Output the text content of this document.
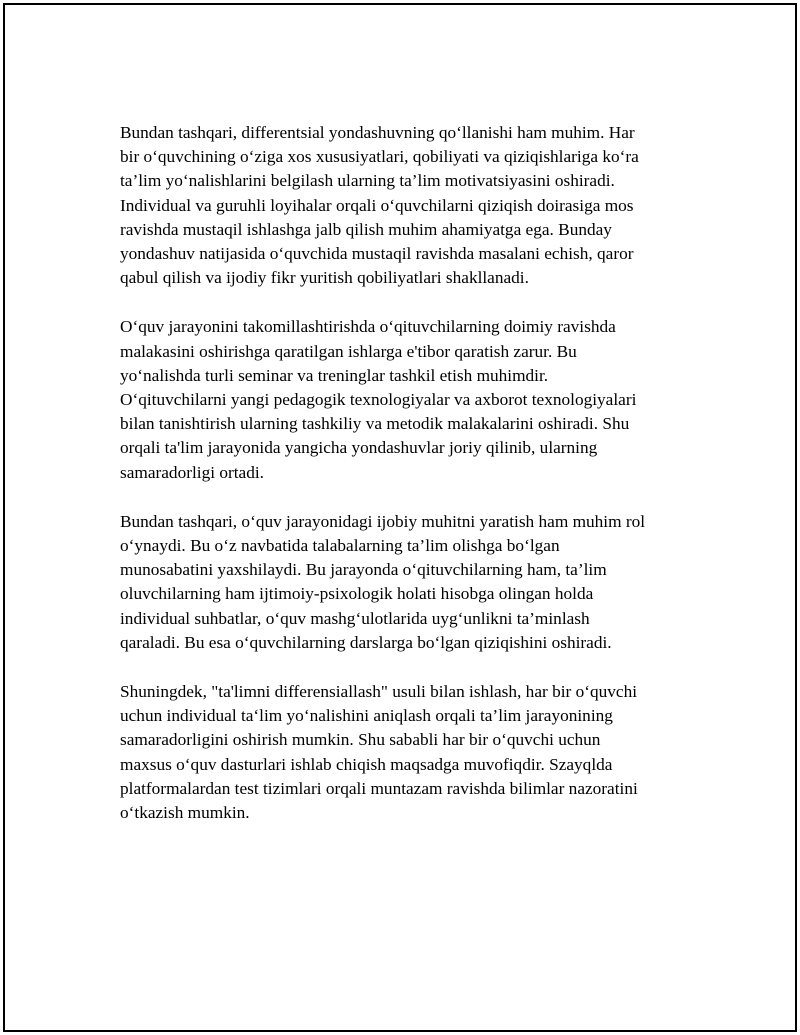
Bundan tashqari, differentsial yondashuvning qo‘llanishi ham muhim. Har
bir o‘quvchining o‘ziga xos xususiyatlari, qobiliyati va qiziqishlariga ko‘ra
ta’lim yo‘nalishlarini belgilash ularning ta’lim motivatsiyasini oshiradi.
Individual va guruhli loyihalar orqali o‘quvchilarni qiziqish doirasiga mos
ravishda mustaqil ishlashga jalb qilish muhim ahamiyatga ega. Bunday
yondashuv natijasida o‘quvchida mustaqil ravishda masalani echish, qaror
qabul qilish va ijodiy fikr yuritish qobiliyatlari shakllanadi.

O‘quv jarayonini takomillashtirishda o‘qituvchilarning doimiy ravishda
malakasini oshirishga qaratilgan ishlarga e'tibor qaratish zarur. Bu
yo‘nalishda turli seminar va treninglar tashkil etish muhimdir.
O‘qituvchilarni yangi pedagogik texnologiyalar va axborot texnologiyalari
bilan tanishtirish ularning tashkiliy va metodik malakalarini oshiradi. Shu
orqali ta'lim jarayonida yangicha yondashuvlar joriy qilinib, ularning
samaradorligi ortadi.

Bundan tashqari, o‘quv jarayonidagi ijobiy muhitni yaratish ham muhim rol
o‘ynaydi. Bu o‘z navbatida talabalarning ta’lim olishga bo‘lgan
munosabatini yaxshilaydi. Bu jarayonda o‘qituvchilarning ham, ta’lim
oluvchilarning ham ijtimoiy-psixologik holati hisobga olingan holda
individual suhbatlar, o‘quv mashg‘ulotlarida uyg‘unlikni ta’minlash
qaraladi. Bu esa o‘quvchilarning darslarga bo‘lgan qiziqishini oshiradi.

Shuningdek, "ta'limni differensiallash" usuli bilan ishlash, har bir o‘quvchi
uchun individual ta‘lim yo‘nalishini aniqlash orqali ta’lim jarayonining
samaradorligini oshirish mumkin. Shu sababli har bir o‘quvchi uchun
maxsus o‘quv dasturlari ishlab chiqish maqsadga muvofiqdir. Szayqlda
platformalardan test tizimlari orqali muntazam ravishda bilimlar nazoratini
o‘tkazish mumkin.
